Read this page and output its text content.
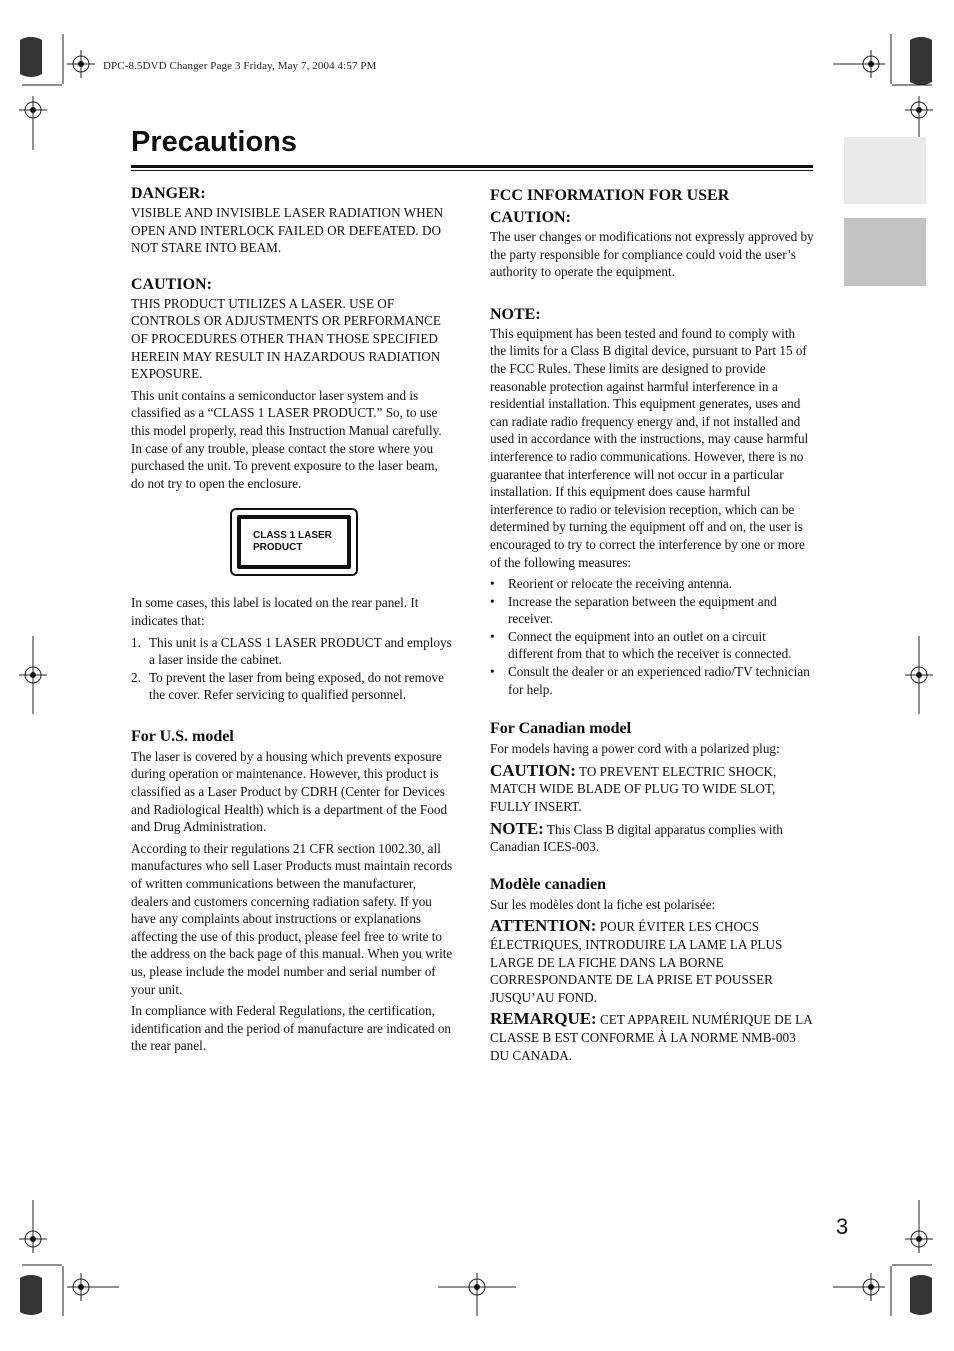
DPC-8.5DVD Changer Page 3 Friday, May 7, 2004 4:57 PM
Precautions
DANGER:

VISIBLE AND INVISIBLE LASER RADIATION WHEN OPEN AND INTERLOCK FAILED OR DEFEATED. DO NOT STARE INTO BEAM.

CAUTION:

THIS PRODUCT UTILIZES A LASER. USE OF CONTROLS OR ADJUSTMENTS OR PERFORMANCE OF PROCEDURES OTHER THAN THOSE SPECIFIED HEREIN MAY RESULT IN HAZARDOUS RADIATION EXPOSURE.

This unit contains a semiconductor laser system and is classified as a “CLASS 1 LASER PRODUCT.” So, to use this model properly, read this Instruction Manual carefully. In case of any trouble, please contact the store where you purchased the unit. To prevent exposure to the laser beam, do not try to open the enclosure.

CLASS 1 LASER
PRODUCT

In some cases, this label is located on the rear panel. It indicates that:

1. This unit is a CLASS 1 LASER PRODUCT and employs a laser inside the cabinet.
2. To prevent the laser from being exposed, do not remove the cover. Refer servicing to qualified personnel.
For U.S. model

The laser is covered by a housing which prevents exposure during operation or maintenance. However, this product is classified as a Laser Product by CDRH (Center for Devices and Radiological Health) which is a department of the Food and Drug Administration.

According to their regulations 21 CFR section 1002.30, all manufactures who sell Laser Products must maintain records of written communications between the manufacturer, dealers and customers concerning radiation safety. If you have any complaints about instructions or explanations affecting the use of this product, please feel free to write to the address on the back page of this manual. When you write us, please include the model number and serial number of your unit.

In compliance with Federal Regulations, the certification, identification and the period of manufacture are indicated on the rear panel.

FCC INFORMATION FOR USER
CAUTION:

The user changes or modifications not expressly approved by the party responsible for compliance could void the user’s authority to operate the equipment.

NOTE:

This equipment has been tested and found to comply with the limits for a Class B digital device, pursuant to Part 15 of the FCC Rules. These limits are designed to provide reasonable protection against harmful interference in a residential installation. This equipment generates, uses and can radiate radio frequency energy and, if not installed and used in accordance with the instructions, may cause harmful interference to radio communications. However, there is no guarantee that interference will not occur in a particular installation. If this equipment does cause harmful interference to radio or television reception, which can be determined by turning the equipment off and on, the user is encouraged to try to correct the interference by one or more of the following measures:

• Reorient or relocate the receiving antenna.
• Increase the separation between the equipment and receiver.
• Connect the equipment into an outlet on a circuit different from that to which the receiver is connected.
• Consult the dealer or an experienced radio/TV technician for help.
For Canadian model

For models having a power cord with a polarized plug:

CAUTION: TO PREVENT ELECTRIC SHOCK, MATCH WIDE BLADE OF PLUG TO WIDE SLOT, FULLY INSERT.

NOTE: This Class B digital apparatus complies with Canadian ICES-003.

Modèle canadien

Sur les modèles dont la fiche est polarisée:

ATTENTION: POUR ÉVITER LES CHOCS ÉLECTRIQUES, INTRODUIRE LA LAME LA PLUS LARGE DE LA FICHE DANS LA BORNE CORRESPONDANTE DE LA PRISE ET POUSSER JUSQU’AU FOND.

REMARQUE: CET APPAREIL NUMÉRIQUE DE LA CLASSE B EST CONFORME À LA NORME NMB-003 DU CANADA.

3
